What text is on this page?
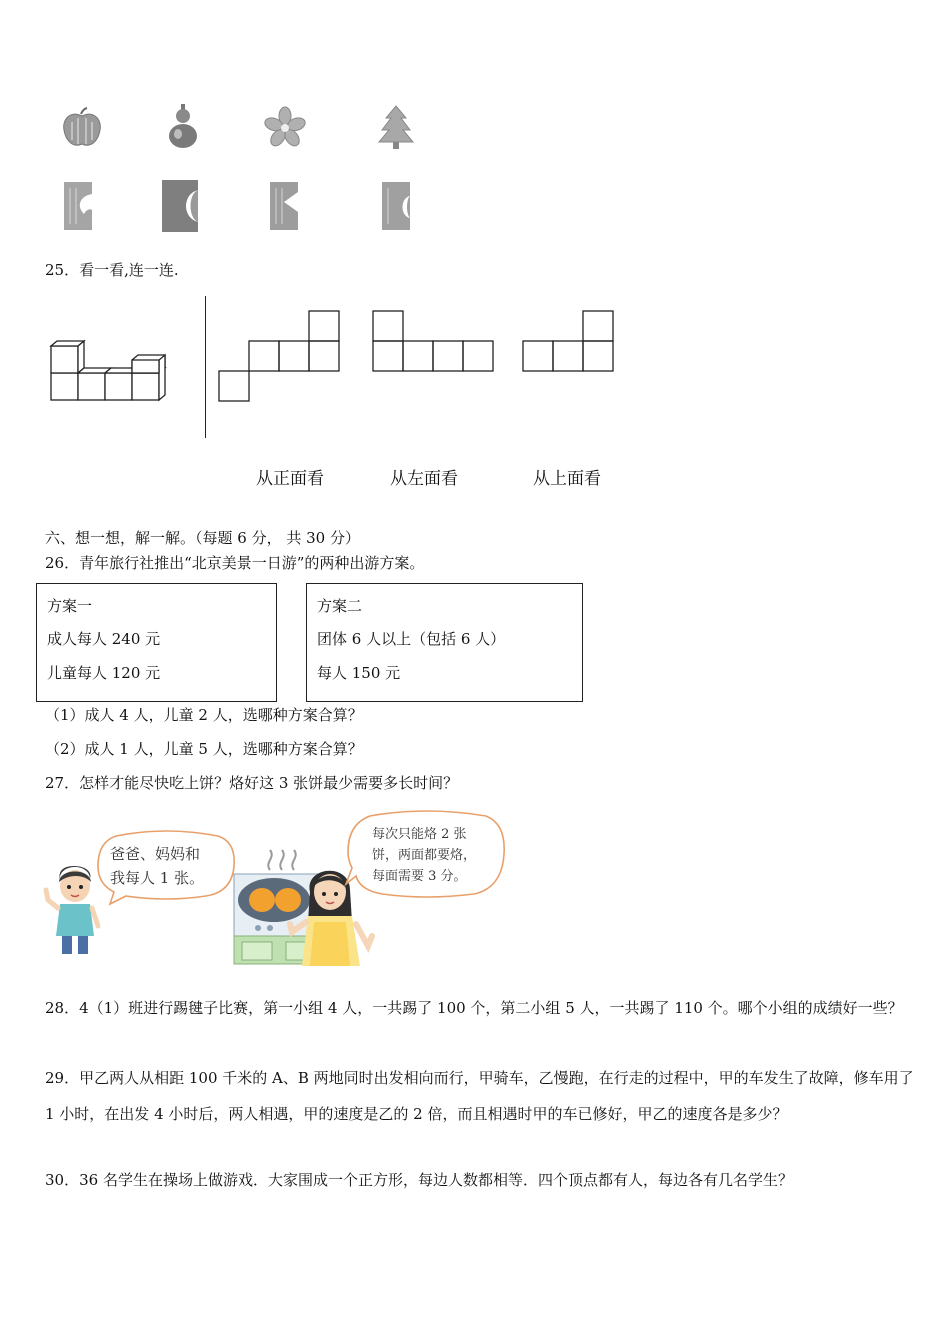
25．看一看,连一连.
从正面看	从左面看	从上面看
六、想一想，解一解。（每题 6 分， 共 30 分）
26．青年旅行社推出“北京美景一日游”的两种出游方案。
方案一
成人每人 240 元
儿童每人 120 元
方案二
团体 6 人以上（包括 6 人）
每人 150 元
（1）成人 4 人，儿童 2 人，选哪种方案合算？
（2）成人 1 人，儿童 5 人，选哪种方案合算？
27．怎样才能尽快吃上饼？烙好这 3 张饼最少需要多长时间？
爸爸、妈妈和
我每人 1 张。
每次只能烙 2 张
饼，两面都要烙，
每面需要 3 分。
28．4（1）班进行踢毽子比赛，第一小组 4 人，一共踢了 100 个，第二小组 5 人，一共踢了 110 个。哪个小组的成绩好一些？
29．甲乙两人从相距 100 千米的 A、B 两地同时出发相向而行，甲骑车，乙慢跑，在行走的过程中，甲的车发生了故障，修车用了 1 小时，在出发 4 小时后，两人相遇，甲的速度是乙的 2 倍，而且相遇时甲的车已修好，甲乙的速度各是多少？
30．36 名学生在操场上做游戏．大家围成一个正方形，每边人数都相等．四个顶点都有人，每边各有几名学生？
